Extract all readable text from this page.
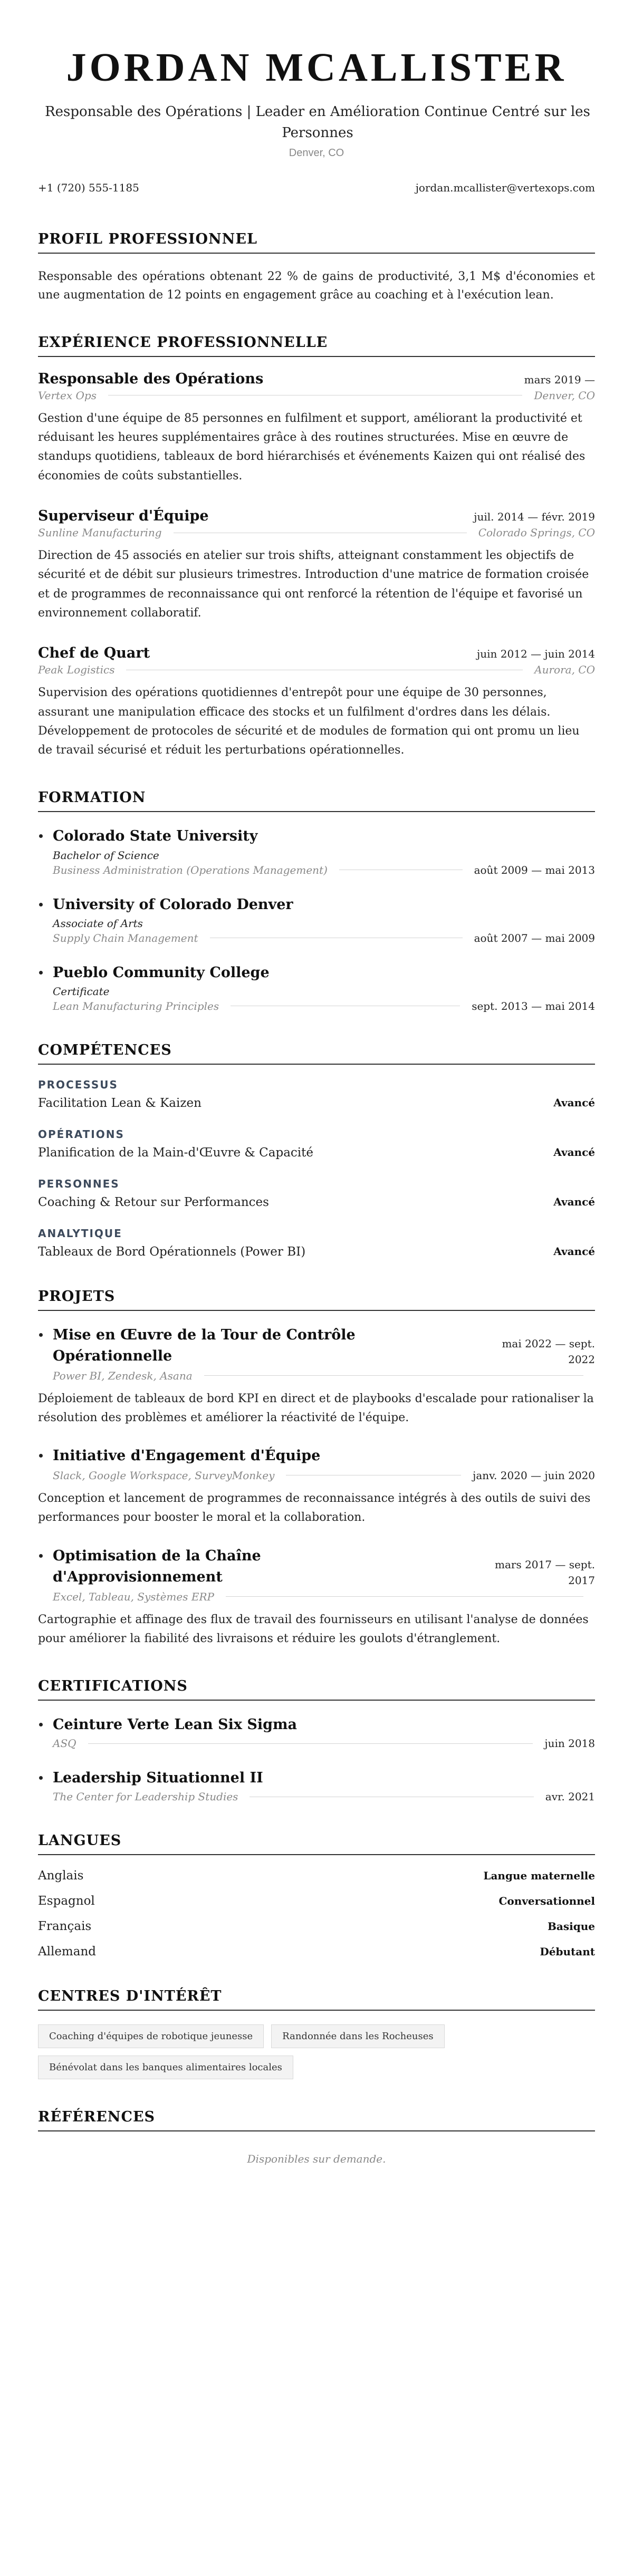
JORDAN MCALLISTER
Responsable des Opérations | Leader en Amélioration Continue Centré sur les Personnes
Denver, CO
+1 (720) 555-1185	jordan.mcallister@vertexops.com
PROFIL PROFESSIONNEL

Responsable des opérations obtenant 22 % de gains de productivité, 3,1 M$ d'économies et une augmentation de 12 points en engagement grâce au coaching et à l'exécution lean.

EXPÉRIENCE PROFESSIONNELLE
Responsable des Opérations	mars 2019 —
Vertex Ops	Denver, CO

Gestion d'une équipe de 85 personnes en fulfilment et support, améliorant la productivité et réduisant les heures supplémentaires grâce à des routines structurées. Mise en œuvre de standups quotidiens, tableaux de bord hiérarchisés et événements Kaizen qui ont réalisé des économies de coûts substantielles.

Superviseur d'Équipe	juil. 2014 — févr. 2019
Sunline Manufacturing	Colorado Springs, CO

Direction de 45 associés en atelier sur trois shifts, atteignant constamment les objectifs de sécurité et de débit sur plusieurs trimestres. Introduction d'une matrice de formation croisée et de programmes de reconnaissance qui ont renforcé la rétention de l'équipe et favorisé un environnement collaboratif.

Chef de Quart	juin 2012 — juin 2014
Peak Logistics	Aurora, CO

Supervision des opérations quotidiennes d'entrepôt pour une équipe de 30 personnes, assurant une manipulation efficace des stocks et un fulfilment d'ordres dans les délais. Développement de protocoles de sécurité et de modules de formation qui ont promu un lieu de travail sécurisé et réduit les perturbations opérationnelles.

FORMATION
Colorado State University
Bachelor of Science
Business Administration (Operations Management)	août 2009 — mai 2013
University of Colorado Denver
Associate of Arts
Supply Chain Management	août 2007 — mai 2009
Pueblo Community College
Certificate
Lean Manufacturing Principles	sept. 2013 — mai 2014
COMPÉTENCES
PROCESSUS
Facilitation Lean & Kaizen	Avancé
OPÉRATIONS
Planification de la Main-d'Œuvre & Capacité	Avancé
PERSONNES
Coaching & Retour sur Performances	Avancé
ANALYTIQUE
Tableaux de Bord Opérationnels (Power BI)	Avancé
PROJETS
Mise en Œuvre de la Tour de Contrôle Opérationnelle
mai 2022 — sept. 2022
Power BI, Zendesk, Asana

Déploiement de tableaux de bord KPI en direct et de playbooks d'escalade pour rationaliser la résolution des problèmes et améliorer la réactivité de l'équipe.

Initiative d'Engagement d'Équipe
Slack, Google Workspace, SurveyMonkey	janv. 2020 — juin 2020

Conception et lancement de programmes de reconnaissance intégrés à des outils de suivi des performances pour booster le moral et la collaboration.

Optimisation de la Chaîne d'Approvisionnement
mars 2017 — sept. 2017
Excel, Tableau, Systèmes ERP

Cartographie et affinage des flux de travail des fournisseurs en utilisant l'analyse de données pour améliorer la fiabilité des livraisons et réduire les goulots d'étranglement.

CERTIFICATIONS
Ceinture Verte Lean Six Sigma
ASQ	juin 2018
Leadership Situationnel II
The Center for Leadership Studies	avr. 2021
LANGUES
Anglais	Langue maternelle
Espagnol	Conversationnel
Français	Basique
Allemand	Débutant
CENTRES D'INTÉRÊT
Coaching d'équipes de robotique jeunesse	Randonnée dans les Rocheuses
Bénévolat dans les banques alimentaires locales
RÉFÉRENCES

Disponibles sur demande.
